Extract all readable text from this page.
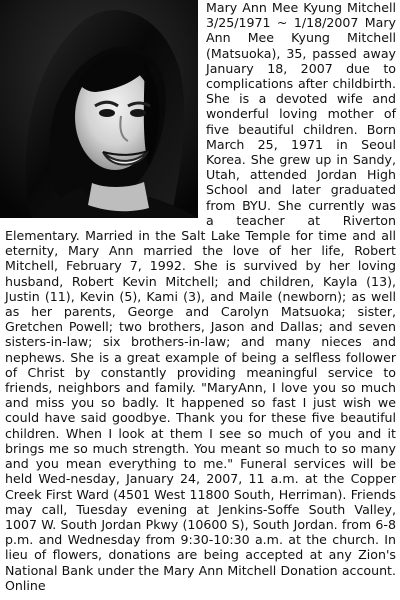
Mary Ann Mee Kyung Mitchell 3/25/1971 ~ 1/18/2007 Mary Ann Mee Kyung Mitchell (Matsuoka), 35, passed away January 18, 2007 due to complications after childbirth. She is a devoted wife and wonderful loving mother of five beautiful children. Born March 25, 1971 in Seoul Korea. She grew up in Sandy, Utah, attended Jordan High School and later graduated from BYU. She currently was a teacher at Riverton Elementary. Married in the Salt Lake Temple for time and all eternity, Mary Ann married the love of her life, Robert Mitchell, February 7, 1992. She is survived by her loving husband, Robert Kevin Mitchell; and children, Kayla (13), Justin (11), Kevin (5), Kami (3), and Maile (newborn); as well as her parents, George and Carolyn Matsuoka; sister, Gretchen Powell; two brothers, Jason and Dallas; and seven sisters-in-law; six brothers-in-law; and many nieces and nephews. She is a great example of being a selfless follower of Christ by constantly providing meaningful service to friends, neighbors and family. "MaryAnn, I love you so much and miss you so badly. It happened so fast I just wish we could have said goodbye. Thank you for these five beautiful children. When I look at them I see so much of you and it brings me so much strength. You meant so much to so many and you mean everything to me." Funeral services will be held Wed-nesday, January 24, 2007, 11 a.m. at the Copper Creek First Ward (4501 West 11800 South, Herriman). Friends may call, Tuesday evening at Jenkins-Soffe South Valley, 1007 W. South Jordan Pkwy (10600 S), South Jordan. from 6-8 p.m. and Wednesday from 9:30-10:30 a.m. at the church. In lieu of flowers, donations are being accepted at any Zion's National Bank under the Mary Ann Mitchell Donation account. Online
